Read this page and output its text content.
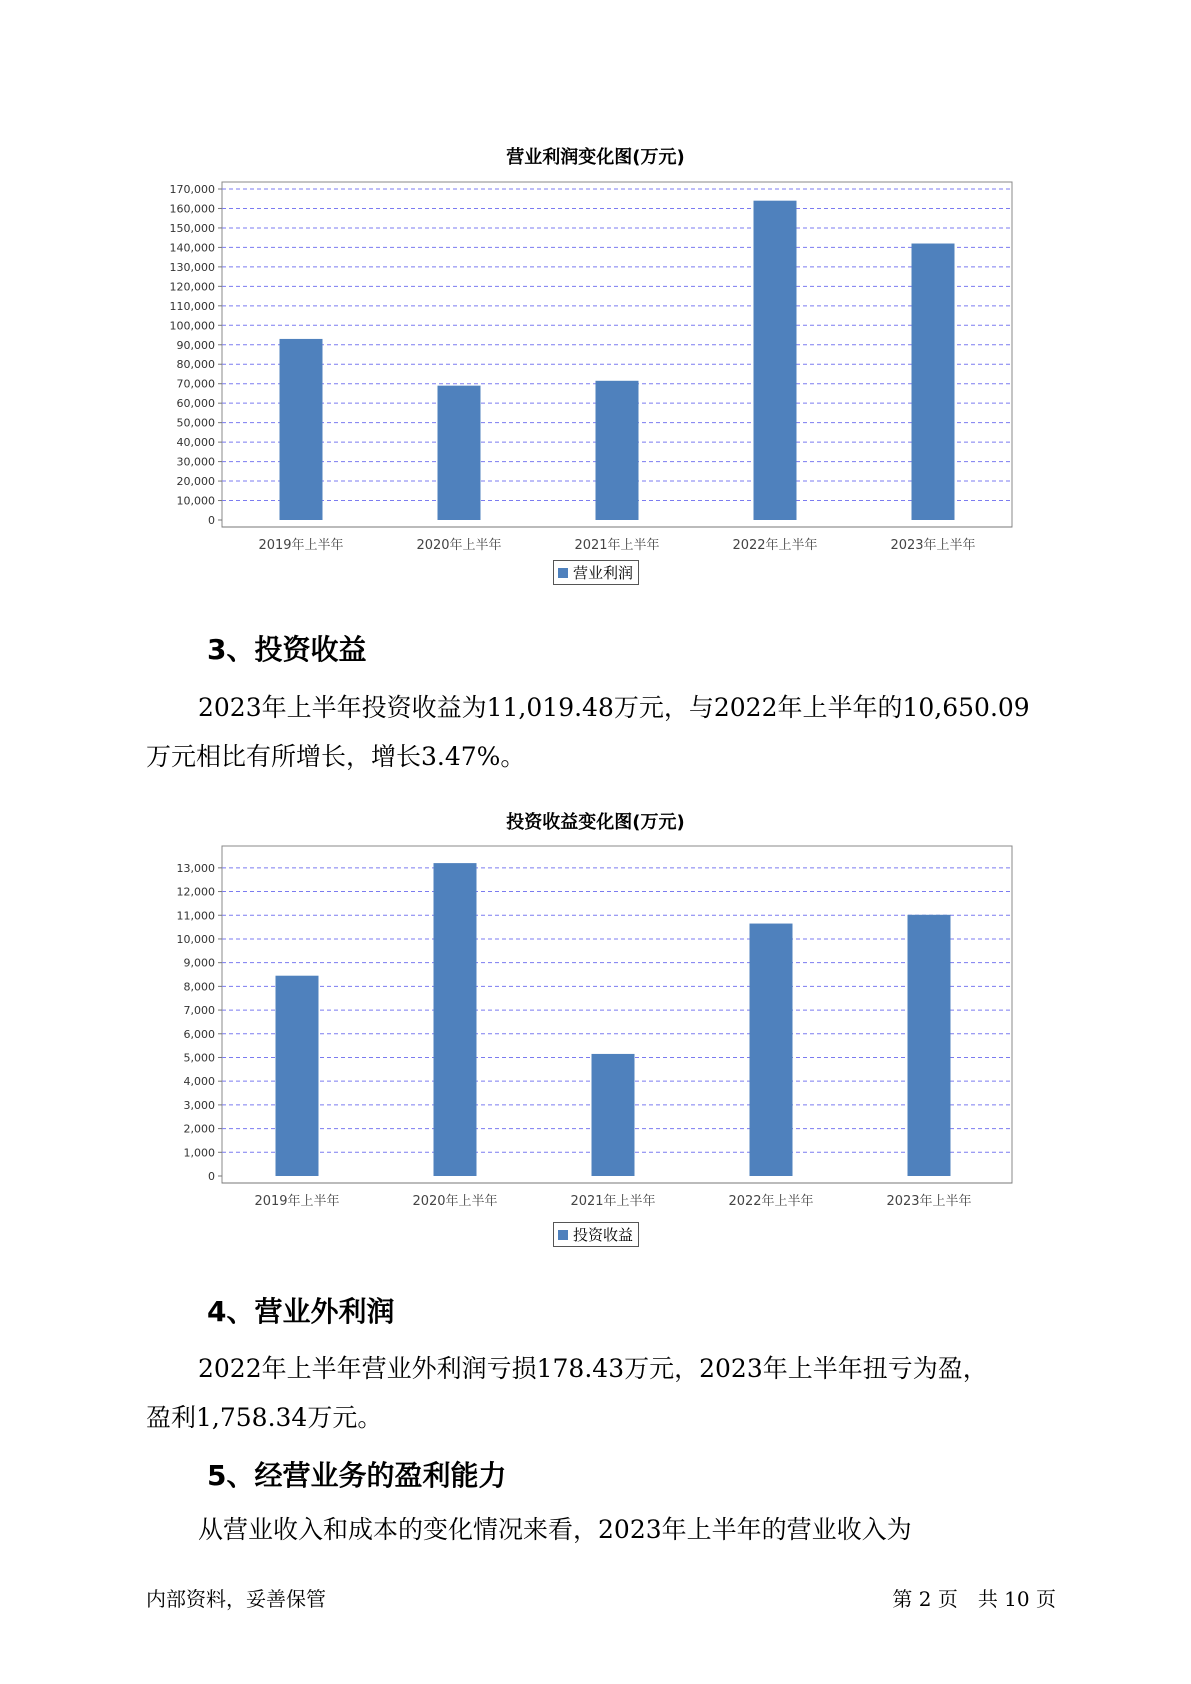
营业利润变化图(万元)
0
10,000
20,000
30,000
40,000
50,000
60,000
70,000
80,000
90,000
100,000
110,000
120,000
130,000
140,000
150,000
160,000
170,000
2019年上半年	2020年上半年	2021年上半年	2022年上半年	2023年上半年
营业利润
3、投资收益
2023年上半年投资收益为11,019.48万元，与2022年上半年的10,650.09
万元相比有所增长，增长3.47%。
投资收益变化图(万元)
0
1,000
2,000
3,000
4,000
5,000
6,000
7,000
8,000
9,000
10,000
11,000
12,000
13,000
2019年上半年	2020年上半年	2021年上半年	2022年上半年	2023年上半年
投资收益
4、营业外利润
2022年上半年营业外利润亏损178.43万元，2023年上半年扭亏为盈，
盈利1,758.34万元。
5、经营业务的盈利能力
从营业收入和成本的变化情况来看，2023年上半年的营业收入为
内部资料，妥善保管	第 2 页　共 10 页
